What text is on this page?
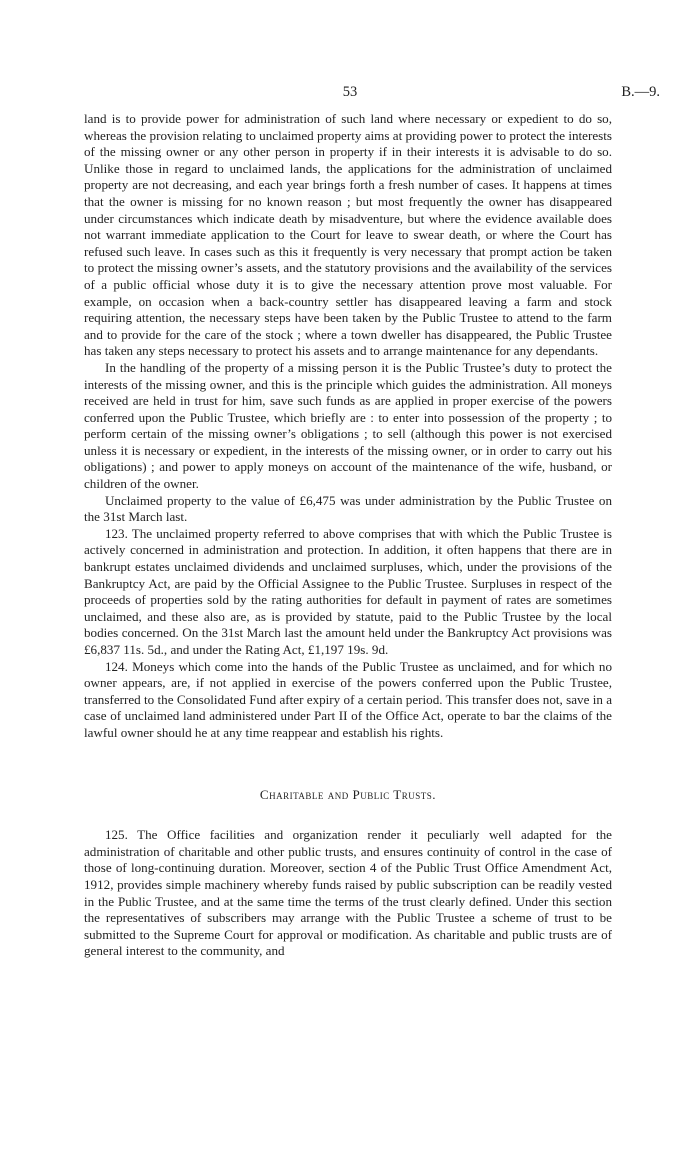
53	B.—9.

land is to provide power for administration of such land where necessary or expedient to do so, whereas the provision relating to unclaimed property aims at providing power to protect the interests of the missing owner or any other person in property if in their interests it is advisable to do so. Unlike those in regard to unclaimed lands, the applications for the administration of unclaimed property are not decreasing, and each year brings forth a fresh number of cases. It happens at times that the owner is missing for no known reason ; but most frequently the owner has disappeared under circumstances which indicate death by misadventure, but where the evidence available does not warrant immediate application to the Court for leave to swear death, or where the Court has refused such leave. In cases such as this it frequently is very necessary that prompt action be taken to protect the missing owner’s assets, and the statutory provisions and the availability of the services of a public official whose duty it is to give the necessary attention prove most valuable. For example, on occasion when a back-country settler has disappeared leaving a farm and stock requiring attention, the necessary steps have been taken by the Public Trustee to attend to the farm and to provide for the care of the stock ; where a town dweller has disappeared, the Public Trustee has taken any steps necessary to protect his assets and to arrange maintenance for any dependants.

In the handling of the property of a missing person it is the Public Trustee’s duty to protect the interests of the missing owner, and this is the principle which guides the administration. All moneys received are held in trust for him, save such funds as are applied in proper exercise of the powers conferred upon the Public Trustee, which briefly are : to enter into possession of the property ; to perform certain of the missing owner’s obligations ; to sell (although this power is not exercised unless it is necessary or expedient, in the interests of the missing owner, or in order to carry out his obligations) ; and power to apply moneys on account of the maintenance of the wife, husband, or children of the owner.

Unclaimed property to the value of £6,475 was under administration by the Public Trustee on the 31st March last.

123. The unclaimed property referred to above comprises that with which the Public Trustee is actively concerned in administration and protection. In addition, it often happens that there are in bankrupt estates unclaimed dividends and unclaimed surpluses, which, under the provisions of the Bankruptcy Act, are paid by the Official Assignee to the Public Trustee. Surpluses in respect of the proceeds of properties sold by the rating authorities for default in payment of rates are sometimes unclaimed, and these also are, as is provided by statute, paid to the Public Trustee by the local bodies concerned. On the 31st March last the amount held under the Bankruptcy Act provisions was £6,837 11s. 5d., and under the Rating Act, £1,197 19s. 9d.

124. Moneys which come into the hands of the Public Trustee as unclaimed, and for which no owner appears, are, if not applied in exercise of the powers conferred upon the Public Trustee, transferred to the Consolidated Fund after expiry of a certain period. This transfer does not, save in a case of unclaimed land administered under Part II of the Office Act, operate to bar the claims of the lawful owner should he at any time reappear and establish his rights.

Charitable and Public Trusts.

125. The Office facilities and organization render it peculiarly well adapted for the administration of charitable and other public trusts, and ensures continuity of control in the case of those of long-continuing duration. Moreover, section 4 of the Public Trust Office Amendment Act, 1912, provides simple machinery whereby funds raised by public subscription can be readily vested in the Public Trustee, and at the same time the terms of the trust clearly defined. Under this section the representatives of subscribers may arrange with the Public Trustee a scheme of trust to be submitted to the Supreme Court for approval or modification. As charitable and public trusts are of general interest to the community, and
